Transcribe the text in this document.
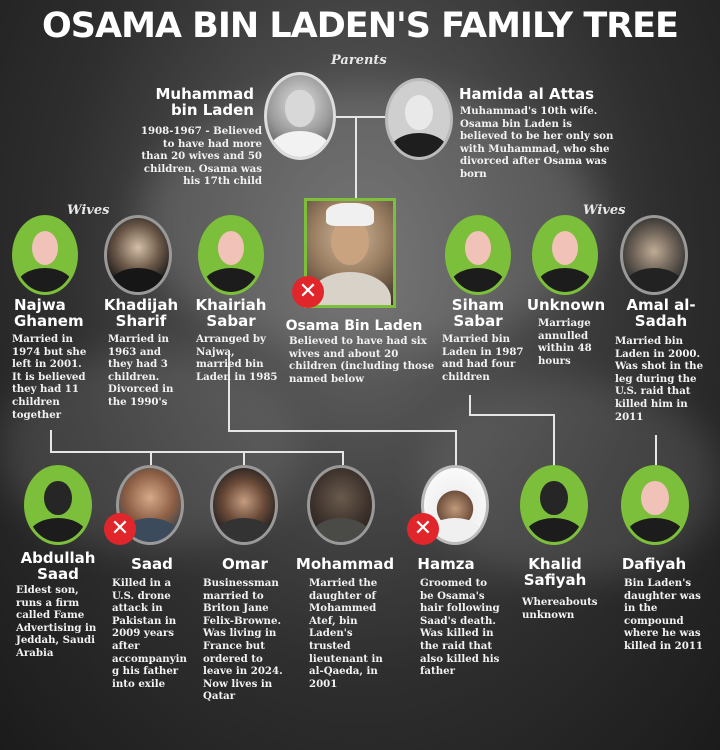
OSAMA BIN LADEN'S FAMILY TREE
Parents
Wives	Wives
Muhammad bin Laden
1908-1967 - Believed to have had more than 20 wives and 50 children. Osama was his 17th child
Hamida al Attas
Muhammad's 10th wife. Osama bin Laden is believed to be her only son with Muhammad, who she divorced after Osama was born
✕
Osama Bin Laden
Believed to have had six wives and about 20 children (including those named below
Najwa Ghanem
Married in 1974 but she left in 2001. It is believed they had 11 children together
Khadijah Sharif
Married in 1963 and they had 3 children. Divorced in the 1990's
Khairiah Sabar
Arranged by Najwa, married bin Laden in 1985
Siham Sabar
Married bin Laden in 1987 and had four children
Unknown
Marriage annulled within 48 hours
Amal al-Sadah
Married bin Laden in 2000. Was shot in the leg during the U.S. raid that killed him in 2011
✕	✕
Abdullah Saad
Eldest son, runs a firm called Fame Advertising in Jeddah, Saudi Arabia
Saad
Killed in a U.S. drone attack in Pakistan in 2009 years after accompanyin g his father into exile
Omar
Businessman married to Briton Jane Felix-Browne. Was living in France but ordered to leave in 2024. Now lives in Qatar
Mohammad
Married the daughter of Mohammed Atef, bin Laden's trusted lieutenant in al-Qaeda, in 2001
Hamza
Groomed to be Osama's hair following Saad's death. Was killed in the raid that also killed his father
Khalid Safiyah
Whereabouts unknown
Dafiyah
Bin Laden's daughter was in the compound where he was killed in 2011
